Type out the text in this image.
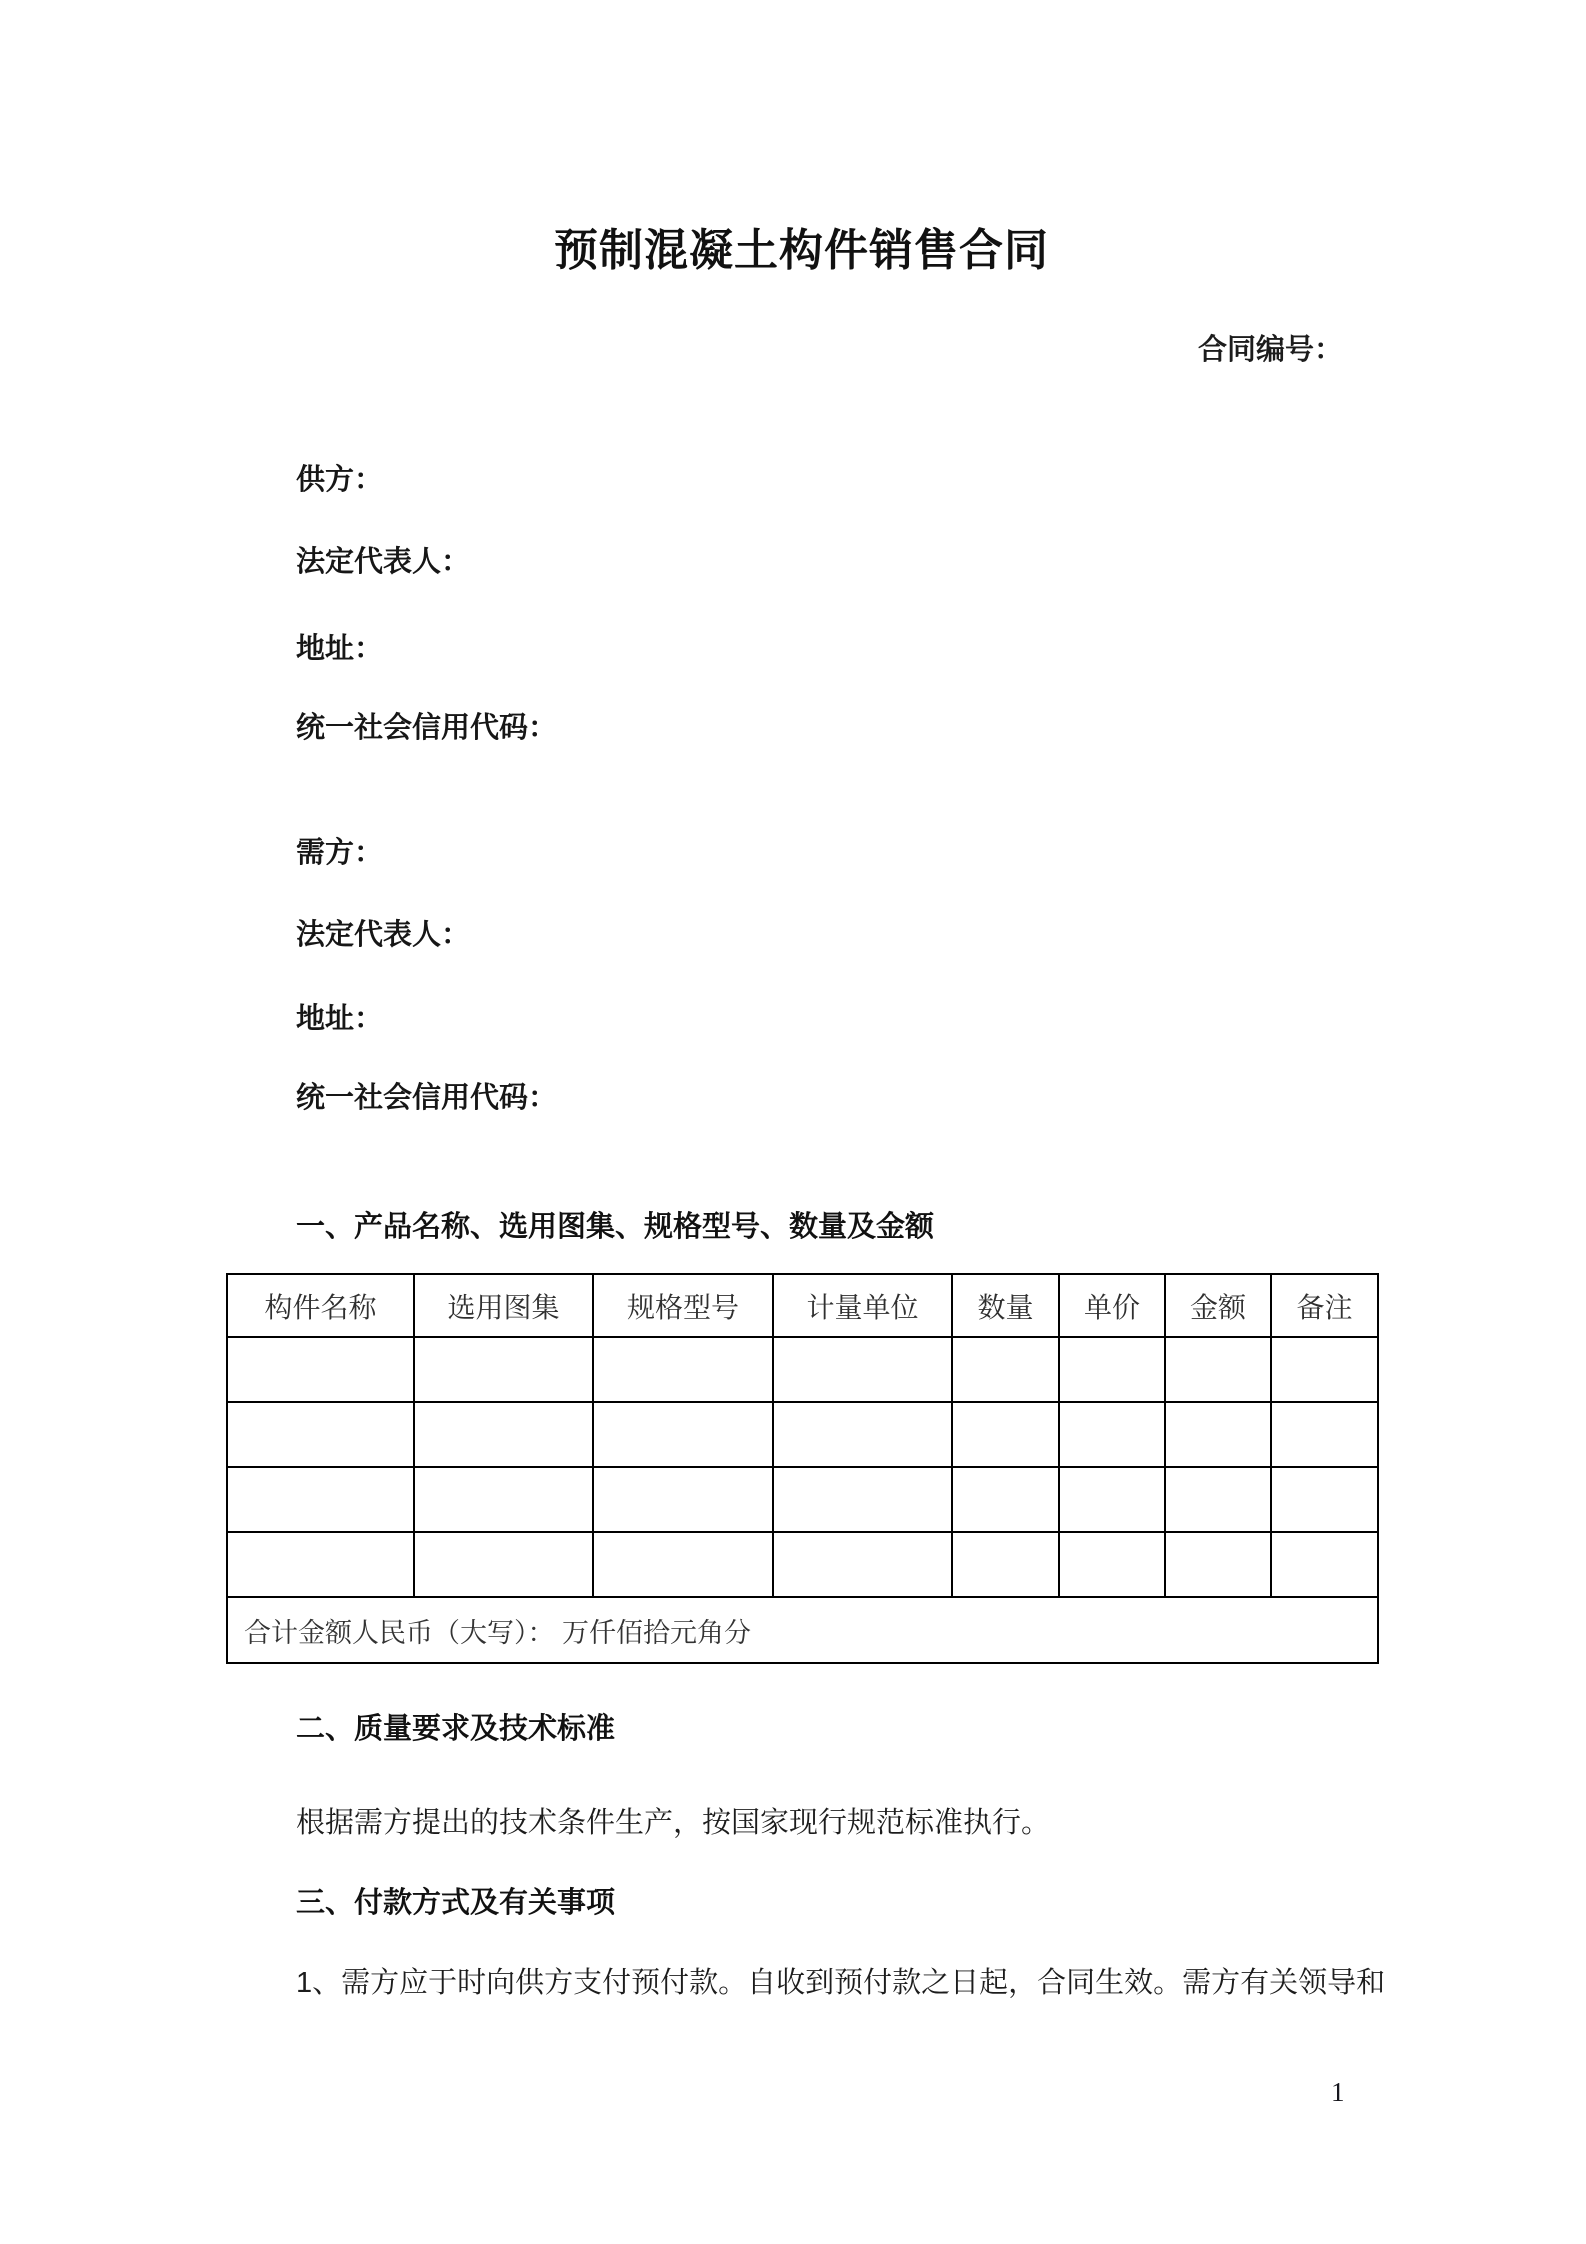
预制混凝土构件销售合同
合同编号：
供方：
法定代表人：
地址：
统一社会信用代码：
需方：
法定代表人：
地址：
统一社会信用代码：
一、产品名称、选用图集、规格型号、数量及金额
构件名称	选用图集	规格型号	计量单位	数量	单价	金额	备注

合计金额人民币（大写）： 万仟佰拾元角分							
二、质量要求及技术标准
根据需方提出的技术条件生产，按国家现行规范标准执行。
三、付款方式及有关事项
1、需方应于时向供方支付预付款。自收到预付款之日起，合同生效。需方有关领导和
1
